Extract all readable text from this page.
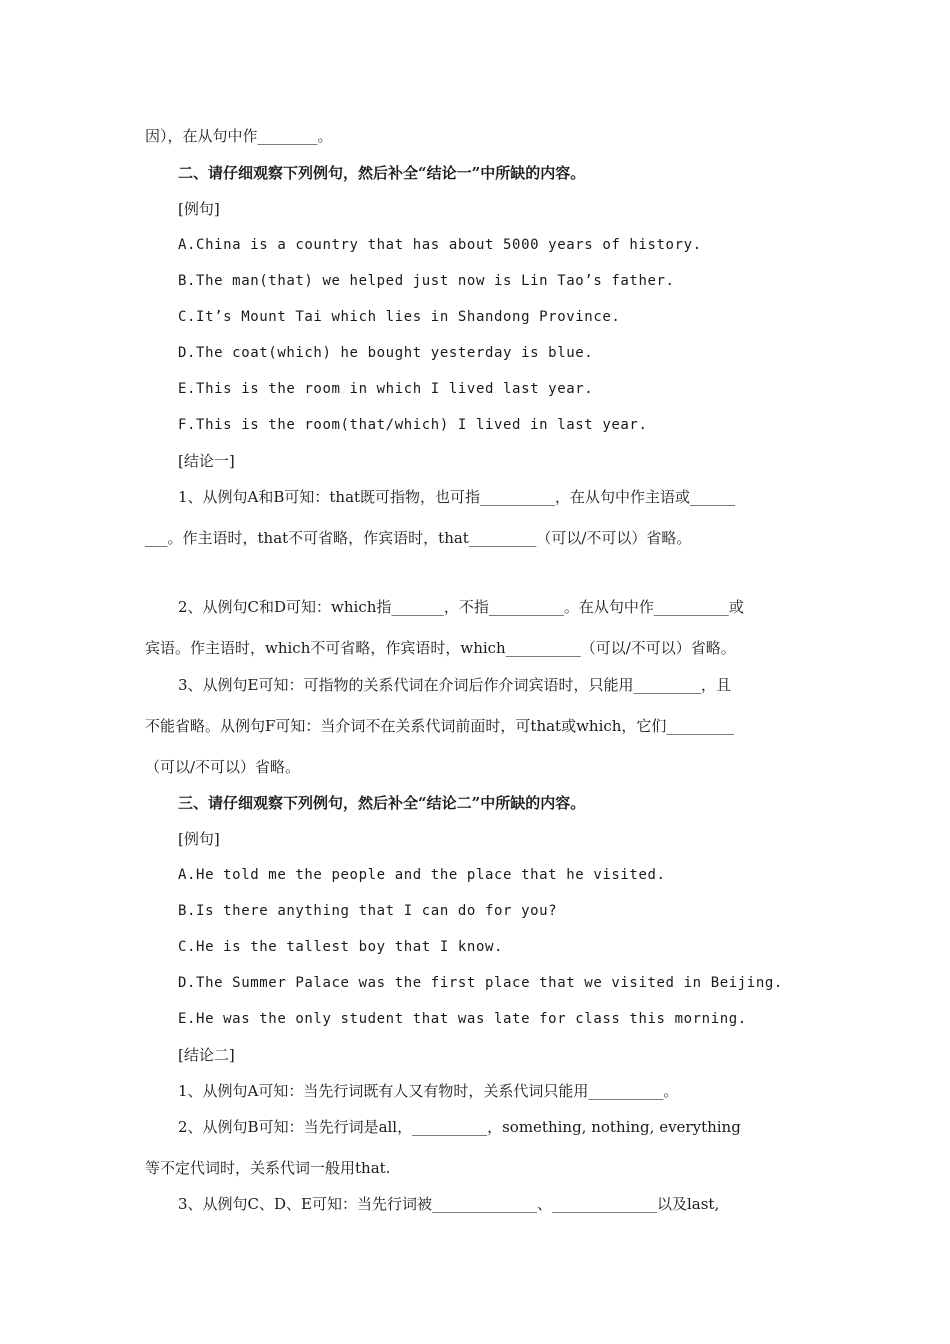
因），在从句中作________。
二、请仔细观察下列例句，然后补全“结论一”中所缺的内容。
[例句]
A.China is a country that has about 5000 years of history.
B.The man(that) we helped just now is Lin Tao’s father.
C.It’s Mount Tai which lies in Shandong Province.
D.The coat(which) he bought yesterday is blue.
E.This is the room in which I lived last year.
F.This is the room(that/which) I lived in last year.
[结论一]
1、从例句A和B可知：that既可指物，也可指__________，在从句中作主语或______
___。作主语时，that不可省略，作宾语时，that_________（可以/不可以）省略。
2、从例句C和D可知：which指_______，不指__________。在从句中作__________或
宾语。作主语时，which不可省略，作宾语时，which__________（可以/不可以）省略。
3、从例句E可知：可指物的关系代词在介词后作介词宾语时，只能用_________，且
不能省略。从例句F可知：当介词不在关系代词前面时，可that或which，它们_________
（可以/不可以）省略。
三、请仔细观察下列例句，然后补全“结论二”中所缺的内容。
[例句]
A.He told me the people and the place that he visited.
B.Is there anything that I can do for you?
C.He is the tallest boy that I know.
D.The Summer Palace was the first place that we visited in Beijing.
E.He was the only student that was late for class this morning.
[结论二]
1、从例句A可知：当先行词既有人又有物时，关系代词只能用__________。
2、从例句B可知：当先行词是all，__________，something, nothing, everything
等不定代词时，关系代词一般用that.
3、从例句C、D、E可知：当先行词被______________、______________以及last,
